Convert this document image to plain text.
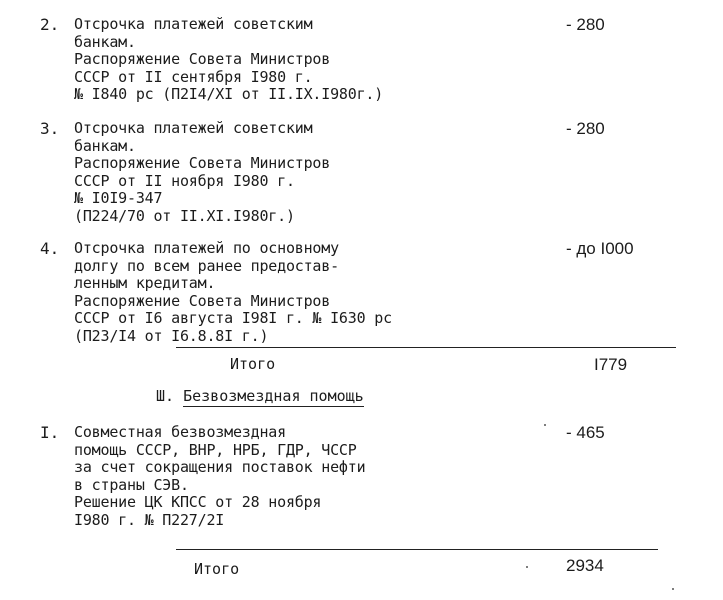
2. Отсрочка платежей советским
банкам.
Распоряжение Совета Министров
СССР от II сентября I980 г.
№ I840 рс (П2I4/XI от II.IX.I980г.)
- 280
3. Отсрочка платежей советским
банкам.
Распоряжение Совета Министров
СССР от II ноября I980 г.
№ I0I9-347
(П224/70 от II.XI.I980г.)
- 280
4. Отсрочка платежей по основному
долгу по всем ранее предостав-
ленным кредитам.
Распоряжение Совета Министров
СССР от I6 августа I98I г. № I630 рс
(П23/I4 от I6.8.8I г.)
- до I000
Итого	I779
Ш. Безвозмездная помощь
I. Совместная безвозмездная
помощь СССР, ВНР, НРБ, ГДР, ЧССР
за счет сокращения поставок нефти
в страны СЭВ.
Решение ЦК КПСС от 28 ноября
I980 г. № П227/2I
- 465
Итого	2934
